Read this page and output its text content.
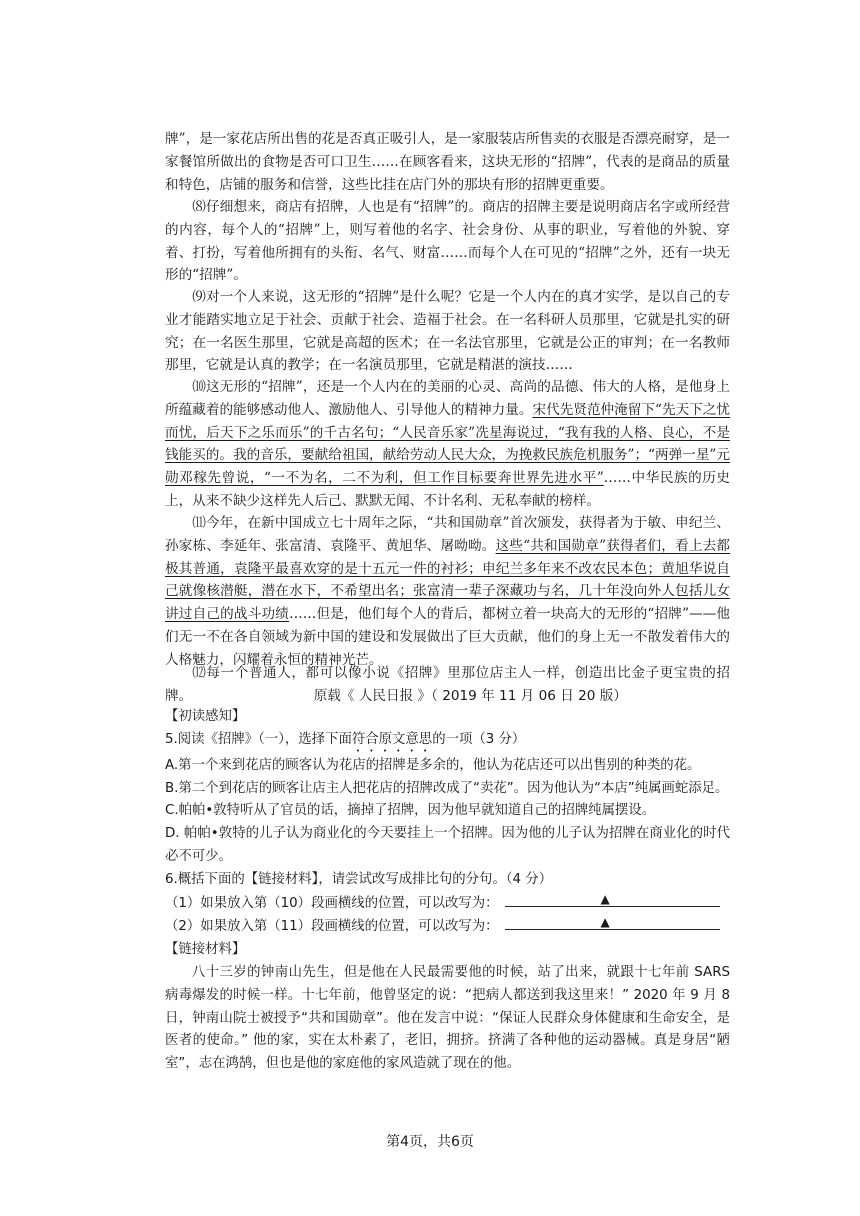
牌”，是一家花店所出售的花是否真正吸引人，是一家服装店所售卖的衣服是否漂亮耐穿，是一家餐馆所做出的食物是否可口卫生……在顾客看来，这块无形的“招牌”，代表的是商品的质量和特色，店铺的服务和信誉，这些比挂在店门外的那块有形的招牌更重要。
⑻仔细想来，商店有招牌，人也是有“招牌”的。商店的招牌主要是说明商店名字或所经营的内容，每个人的“招牌”上，则写着他的名字、社会身份、从事的职业，写着他的外貌、穿着、打扮，写着他所拥有的头衔、名气、财富……而每个人在可见的“招牌”之外，还有一块无形的“招牌”。
⑼对一个人来说，这无形的“招牌”是什么呢？它是一个人内在的真才实学，是以自己的专业才能踏实地立足于社会、贡献于社会、造福于社会。在一名科研人员那里，它就是扎实的研究；在一名医生那里，它就是高超的医术；在一名法官那里，它就是公正的审判；在一名教师那里，它就是认真的教学；在一名演员那里，它就是精湛的演技……
⑽这无形的“招牌”，还是一个人内在的美丽的心灵、高尚的品德、伟大的人格，是他身上所蕴藏着的能够感动他人、激励他人、引导他人的精神力量。宋代先贤范仲淹留下“先天下之忧而忧，后天下之乐而乐”的千古名句；“人民音乐家”冼星海说过，“我有我的人格、良心，不是钱能买的。我的音乐，要献给祖国，献给劳动人民大众，为挽救民族危机服务”；“两弹一星”元勋邓稼先曾说，“一不为名，二不为利，但工作目标要奔世界先进水平”……中华民族的历史上，从来不缺少这样先人后己、默默无闻、不计名利、无私奉献的榜样。
⑾今年，在新中国成立七十周年之际，“共和国勋章”首次颁发，获得者为于敏、申纪兰、孙家栋、李延年、张富清、袁隆平、黄旭华、屠呦呦。这些“共和国勋章”获得者们，看上去都极其普通，袁隆平最喜欢穿的是十五元一件的衬衫；申纪兰多年来不改农民本色；黄旭华说自己就像核潜艇，潜在水下，不希望出名；张富清一辈子深藏功与名，几十年没向外人包括儿女讲过自己的战斗功绩……但是，他们每个人的背后，都树立着一块高大的无形的“招牌”——他们无一不在各自领域为新中国的建设和发展做出了巨大贡献，他们的身上无一不散发着伟大的人格魅力，闪耀着永恒的精神光芒。
⑿每一个普通人，都可以像小说《招牌》里那位店主人一样，创造出比金子更宝贵的招牌。	原载《 人民日报 》（ 2019 年 11 月 06 日 20 版）
【初读感知】
5.阅读《招牌》（一），选择下面符合原文意思的一项（3 分）
A.第一个来到花店的顾客认为花店的招牌是多余的，他认为花店还可以出售别的种类的花。
B.第二个到花店的顾客让店主人把花店的招牌改成了“卖花”。因为他认为“本店”纯属画蛇添足。
C.帕帕•敦特听从了官员的话，摘掉了招牌，因为他早就知道自己的招牌纯属摆设。
D. 帕帕•敦特的儿子认为商业化的今天要挂上一个招牌。因为他的儿子认为招牌在商业化的时代必不可少。
6.概括下面的【链接材料】，请尝试改写成排比句的分句。（4 分）
（1）如果放入第（10）段画横线的位置，可以改写为：	▲
（2）如果放入第（11）段画横线的位置，可以改写为：	▲
【链接材料】
八十三岁的钟南山先生，但是他在人民最需要他的时候，站了出来，就跟十七年前 SARS 病毒爆发的时候一样。十七年前，他曾坚定的说：“把病人都送到我这里来！” 2020 年 9 月 8 日，钟南山院士被授予“共和国勋章”。他在发言中说：“保证人民群众身体健康和生命安全，是医者的使命。” 他的家，实在太朴素了，老旧，拥挤。挤满了各种他的运动器械。真是身居“陋室”，志在鸿鹄，但也是他的家庭他的家风造就了现在的他。
第4页，共6页
